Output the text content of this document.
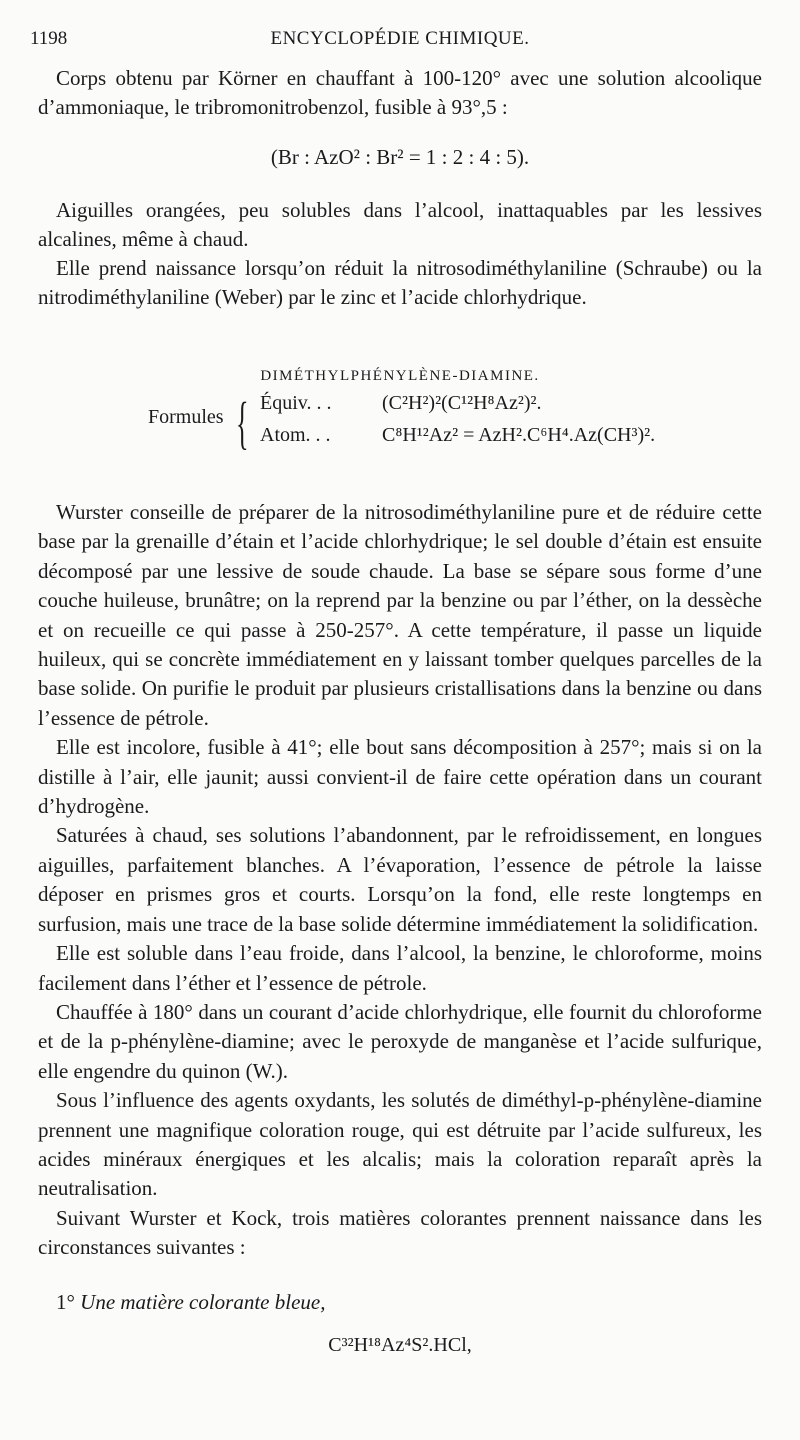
1198	ENCYCLOPÉDIE CHIMIQUE.

Corps obtenu par Körner en chauffant à 100-120° avec une solution alcoolique d’ammoniaque, le tribromonitrobenzol, fusible à 93°,5 :

(Br : AzO² : Br² = 1 : 2 : 4 : 5).

Aiguilles orangées, peu solubles dans l’alcool, inattaquables par les lessives alcalines, même à chaud.

Elle prend naissance lorsqu’on réduit la nitrosodiméthylaniline (Schraube) ou la nitrodiméthylaniline (Weber) par le zinc et l’acide chlorhydrique.

DIMÉTHYLPHÉNYLÈNE-DIAMINE.
Formules { Équiv. . .	(C²H²)²(C¹²H⁸Az²)².
Atom. . .	C⁸H¹²Az² = AzH².C⁶H⁴.Az(CH³)².

Wurster conseille de préparer de la nitrosodiméthylaniline pure et de réduire cette base par la grenaille d’étain et l’acide chlorhydrique; le sel double d’étain est ensuite décomposé par une lessive de soude chaude. La base se sépare sous forme d’une couche huileuse, brunâtre; on la reprend par la benzine ou par l’éther, on la dessèche et on recueille ce qui passe à 250-257°. A cette température, il passe un liquide huileux, qui se concrète immédiatement en y laissant tomber quelques parcelles de la base solide. On purifie le produit par plusieurs cristallisations dans la benzine ou dans l’essence de pétrole.

Elle est incolore, fusible à 41°; elle bout sans décomposition à 257°; mais si on la distille à l’air, elle jaunit; aussi convient-il de faire cette opération dans un courant d’hydrogène.

Saturées à chaud, ses solutions l’abandonnent, par le refroidissement, en longues aiguilles, parfaitement blanches. A l’évaporation, l’essence de pétrole la laisse déposer en prismes gros et courts. Lorsqu’on la fond, elle reste longtemps en surfusion, mais une trace de la base solide détermine immédiatement la solidification.

Elle est soluble dans l’eau froide, dans l’alcool, la benzine, le chloroforme, moins facilement dans l’éther et l’essence de pétrole.

Chauffée à 180° dans un courant d’acide chlorhydrique, elle fournit du chloroforme et de la p-phénylène-diamine; avec le peroxyde de manganèse et l’acide sulfurique, elle engendre du quinon (W.).

Sous l’influence des agents oxydants, les solutés de diméthyl-p-phénylène-diamine prennent une magnifique coloration rouge, qui est détruite par l’acide sulfureux, les acides minéraux énergiques et les alcalis; mais la coloration reparaît après la neutralisation.

Suivant Wurster et Kock, trois matières colorantes prennent naissance dans les circonstances suivantes :

1° Une matière colorante bleue,

C³²H¹⁸Az⁴S².HCl,
